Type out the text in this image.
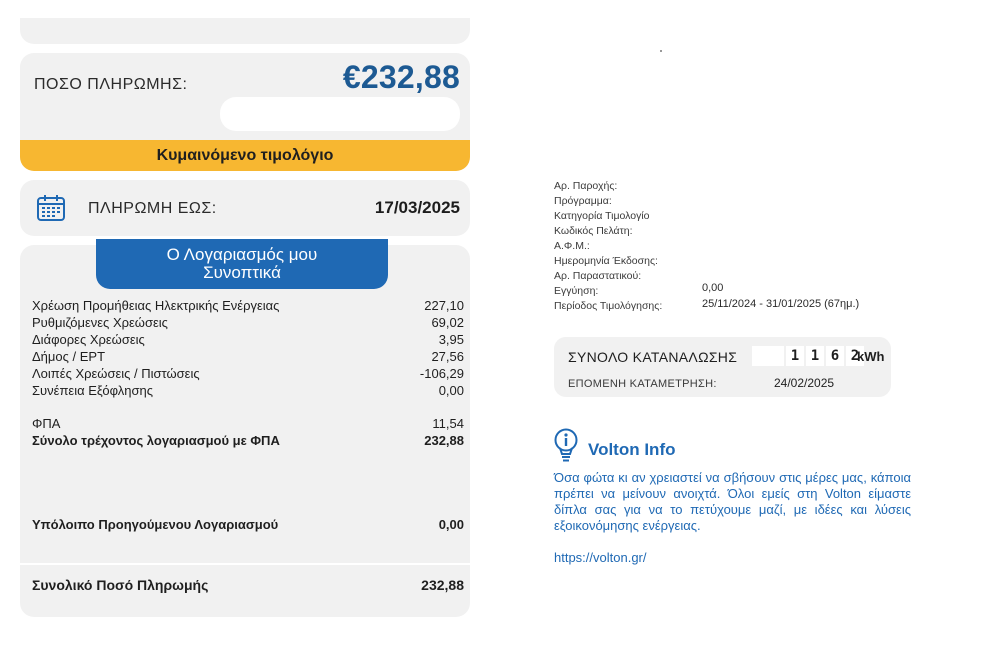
ΠΟΣΟ ΠΛΗΡΩΜΗΣ:	€232,88
Κυμαινόμενο τιμολόγιο
ΠΛΗΡΩΜΗ ΕΩΣ:	17/03/2025
Ο Λογαριασμός μου
Συνοπτικά
Χρέωση Προμήθειας Ηλεκτρικής Ενέργειας	227,10
Ρυθμιζόμενες Χρεώσεις	69,02
Διάφορες Χρεώσεις	3,95
Δήμος / ΕΡΤ	27,56
Λοιπές Χρεώσεις / Πιστώσεις	-106,29
Συνέπεια Εξόφλησης	0,00
ΦΠΑ	11,54
Σύνολο τρέχοντος λογαριασμού με ΦΠΑ	232,88
Υπόλοιπο Προηγούμενου Λογαριασμού	0,00
Συνολικό Ποσό Πληρωμής	232,88
Αρ. Παροχής:
Πρόγραμμα:
Κατηγορία Τιμολογίο
Κωδικός Πελάτη:
Α.Φ.Μ.:
Ημερομηνία Έκδοσης:
Αρ. Παραστατικού:
Εγγύηση:	0,00
Περίοδος Τιμολόγησης:	25/11/2024 - 31/01/2025 (67ημ.)
ΣΥΝΟΛΟ ΚΑΤΑΝΑΛΩΣΗΣ	1 1 6 2
kWh
ΕΠΟΜΕΝΗ ΚΑΤΑΜΕΤΡΗΣΗ:	24/02/2025
Volton Info
Όσα φώτα κι αν χρειαστεί να σβήσουν στις μέρες μας, κάποια πρέπει να μείνουν ανοιχτά. Όλοι εμείς στη Volton είμαστε δίπλα σας για να το πετύχουμε μαζί, με ιδέες και λύσεις εξοικονόμησης ενέργειας.
https://volton.gr/
